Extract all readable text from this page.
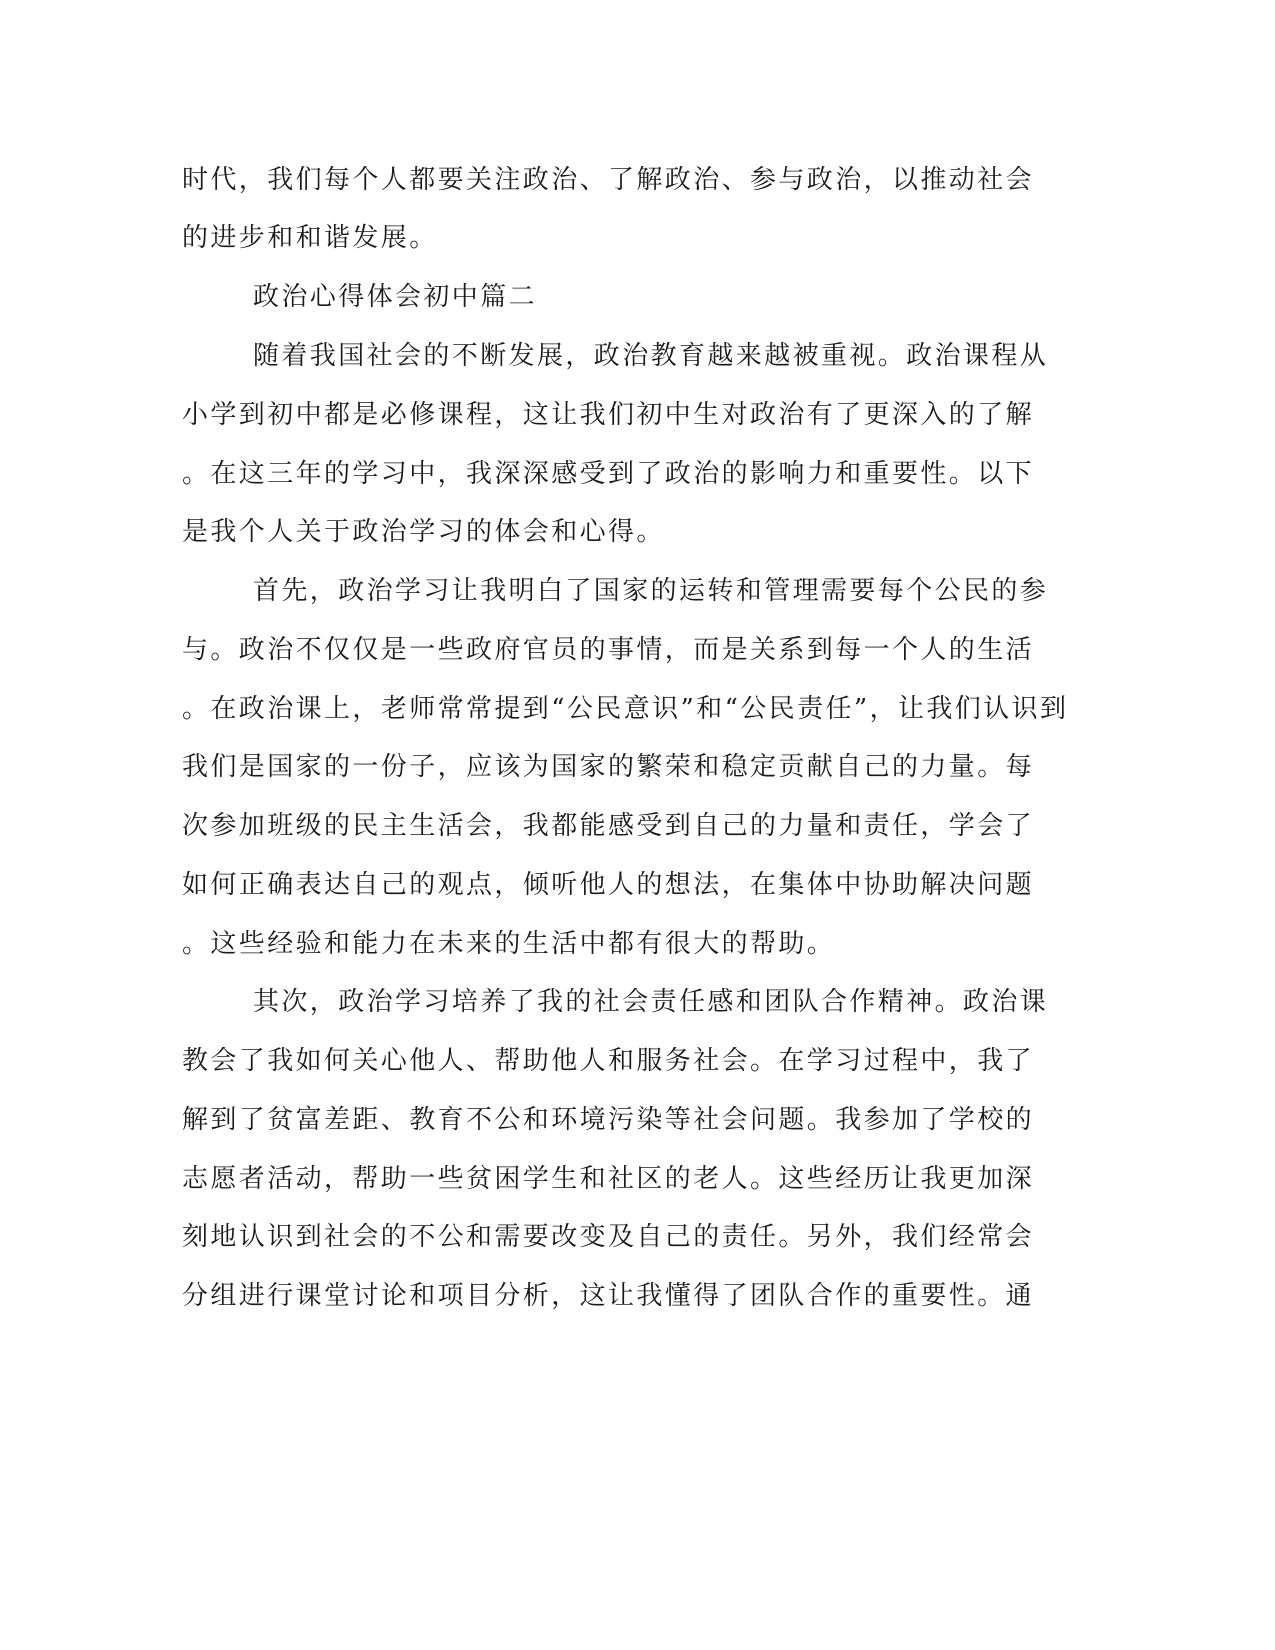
时代，我们每个人都要关注政治、了解政治、参与政治，以推动社会
的进步和和谐发展。
政治心得体会初中篇二
随着我国社会的不断发展，政治教育越来越被重视。政治课程从
小学到初中都是必修课程，这让我们初中生对政治有了更深入的了解
。在这三年的学习中，我深深感受到了政治的影响力和重要性。以下
是我个人关于政治学习的体会和心得。
首先，政治学习让我明白了国家的运转和管理需要每个公民的参
与。政治不仅仅是一些政府官员的事情，而是关系到每一个人的生活
。在政治课上，老师常常提到“公民意识”和“公民责任”，让我们认识到
我们是国家的一份子，应该为国家的繁荣和稳定贡献自己的力量。每
次参加班级的民主生活会，我都能感受到自己的力量和责任，学会了
如何正确表达自己的观点，倾听他人的想法，在集体中协助解决问题
。这些经验和能力在未来的生活中都有很大的帮助。
其次，政治学习培养了我的社会责任感和团队合作精神。政治课
教会了我如何关心他人、帮助他人和服务社会。在学习过程中，我了
解到了贫富差距、教育不公和环境污染等社会问题。我参加了学校的
志愿者活动，帮助一些贫困学生和社区的老人。这些经历让我更加深
刻地认识到社会的不公和需要改变及自己的责任。另外，我们经常会
分组进行课堂讨论和项目分析，这让我懂得了团队合作的重要性。通
